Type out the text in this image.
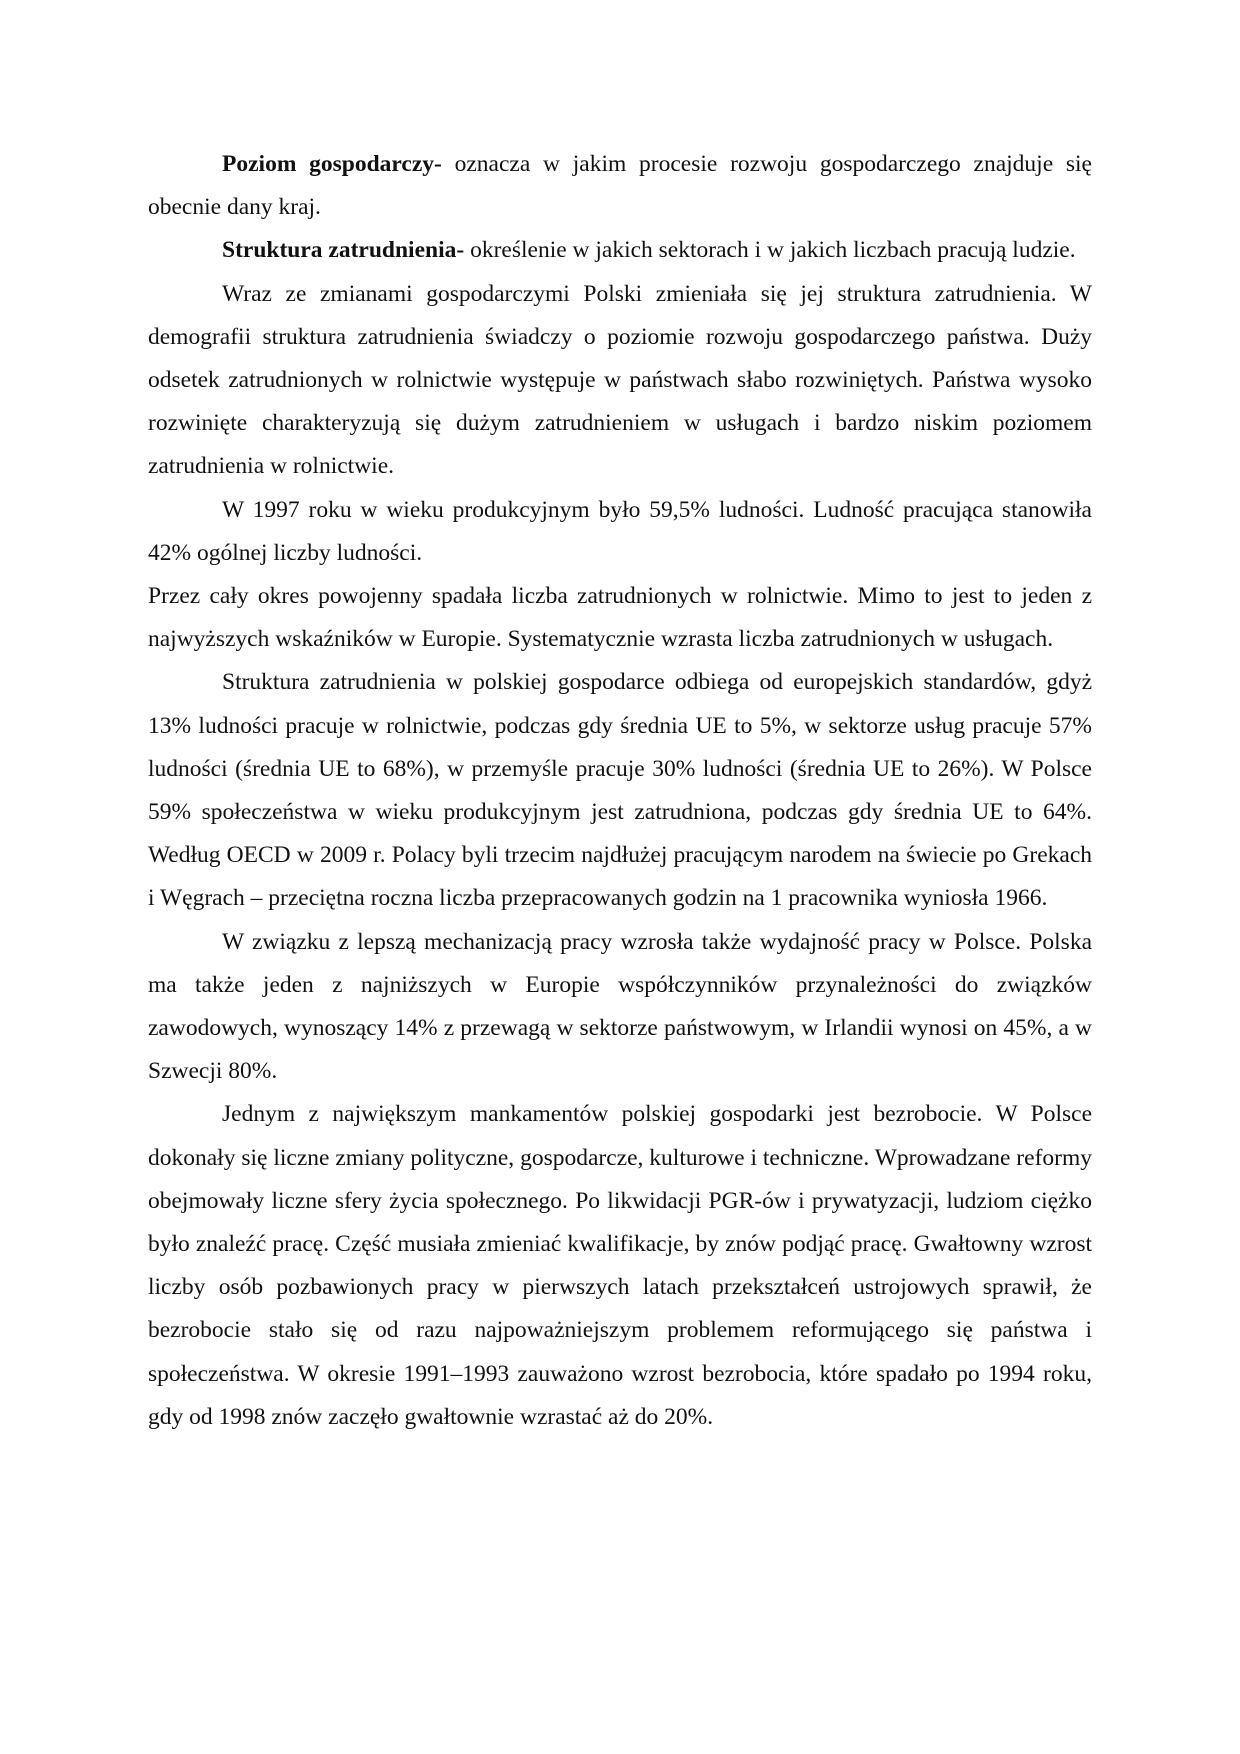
Poziom gospodarczy- oznacza w jakim procesie rozwoju gospodarczego znajduje się obecnie dany kraj.

Struktura zatrudnienia- określenie w jakich sektorach i w jakich liczbach pracują ludzie.

Wraz ze zmianami gospodarczymi Polski zmieniała się jej struktura zatrudnienia. W demografii struktura zatrudnienia świadczy o poziomie rozwoju gospodarczego państwa. Duży odsetek zatrudnionych w rolnictwie występuje w państwach słabo rozwiniętych. Państwa wysoko rozwinięte charakteryzują się dużym zatrudnieniem w usługach i bardzo niskim poziomem zatrudnienia w rolnictwie.

W 1997 roku w wieku produkcyjnym było 59,5% ludności. Ludność pracująca stanowiła 42% ogólnej liczby ludności.

Przez cały okres powojenny spadała liczba zatrudnionych w rolnictwie. Mimo to jest to jeden z najwyższych wskaźników w Europie. Systematycznie wzrasta liczba zatrudnionych w usługach.

Struktura zatrudnienia w polskiej gospodarce odbiega od europejskich standardów, gdyż 13% ludności pracuje w rolnictwie, podczas gdy średnia UE to 5%, w sektorze usług pracuje 57% ludności (średnia UE to 68%), w przemyśle pracuje 30% ludności (średnia UE to 26%). W Polsce 59% społeczeństwa w wieku produkcyjnym jest zatrudniona, podczas gdy średnia UE to 64%. Według OECD w 2009 r. Polacy byli trzecim najdłużej pracującym narodem na świecie po Grekach i Węgrach – przeciętna roczna liczba przepracowanych godzin na 1 pracownika wyniosła 1966.

W związku z lepszą mechanizacją pracy wzrosła także wydajność pracy w Polsce. Polska ma także jeden z najniższych w Europie współczynników przynależności do związków zawodowych, wynoszący 14% z przewagą w sektorze państwowym, w Irlandii wynosi on 45%, a w Szwecji 80%.

Jednym z największym mankamentów polskiej gospodarki jest bezrobocie. W Polsce dokonały się liczne zmiany polityczne, gospodarcze, kulturowe i techniczne. Wprowadzane reformy obejmowały liczne sfery życia społecznego. Po likwidacji PGR-ów i prywatyzacji, ludziom ciężko było znaleźć pracę. Część musiała zmieniać kwalifikacje, by znów podjąć pracę. Gwałtowny wzrost liczby osób pozbawionych pracy w pierwszych latach przekształceń ustrojowych sprawił, że bezrobocie stało się od razu najpoważniejszym problemem reformującego się państwa i społeczeństwa. W okresie 1991–1993 zauważono wzrost bezrobocia, które spadało po 1994 roku, gdy od 1998 znów zaczęło gwałtownie wzrastać aż do 20%.
